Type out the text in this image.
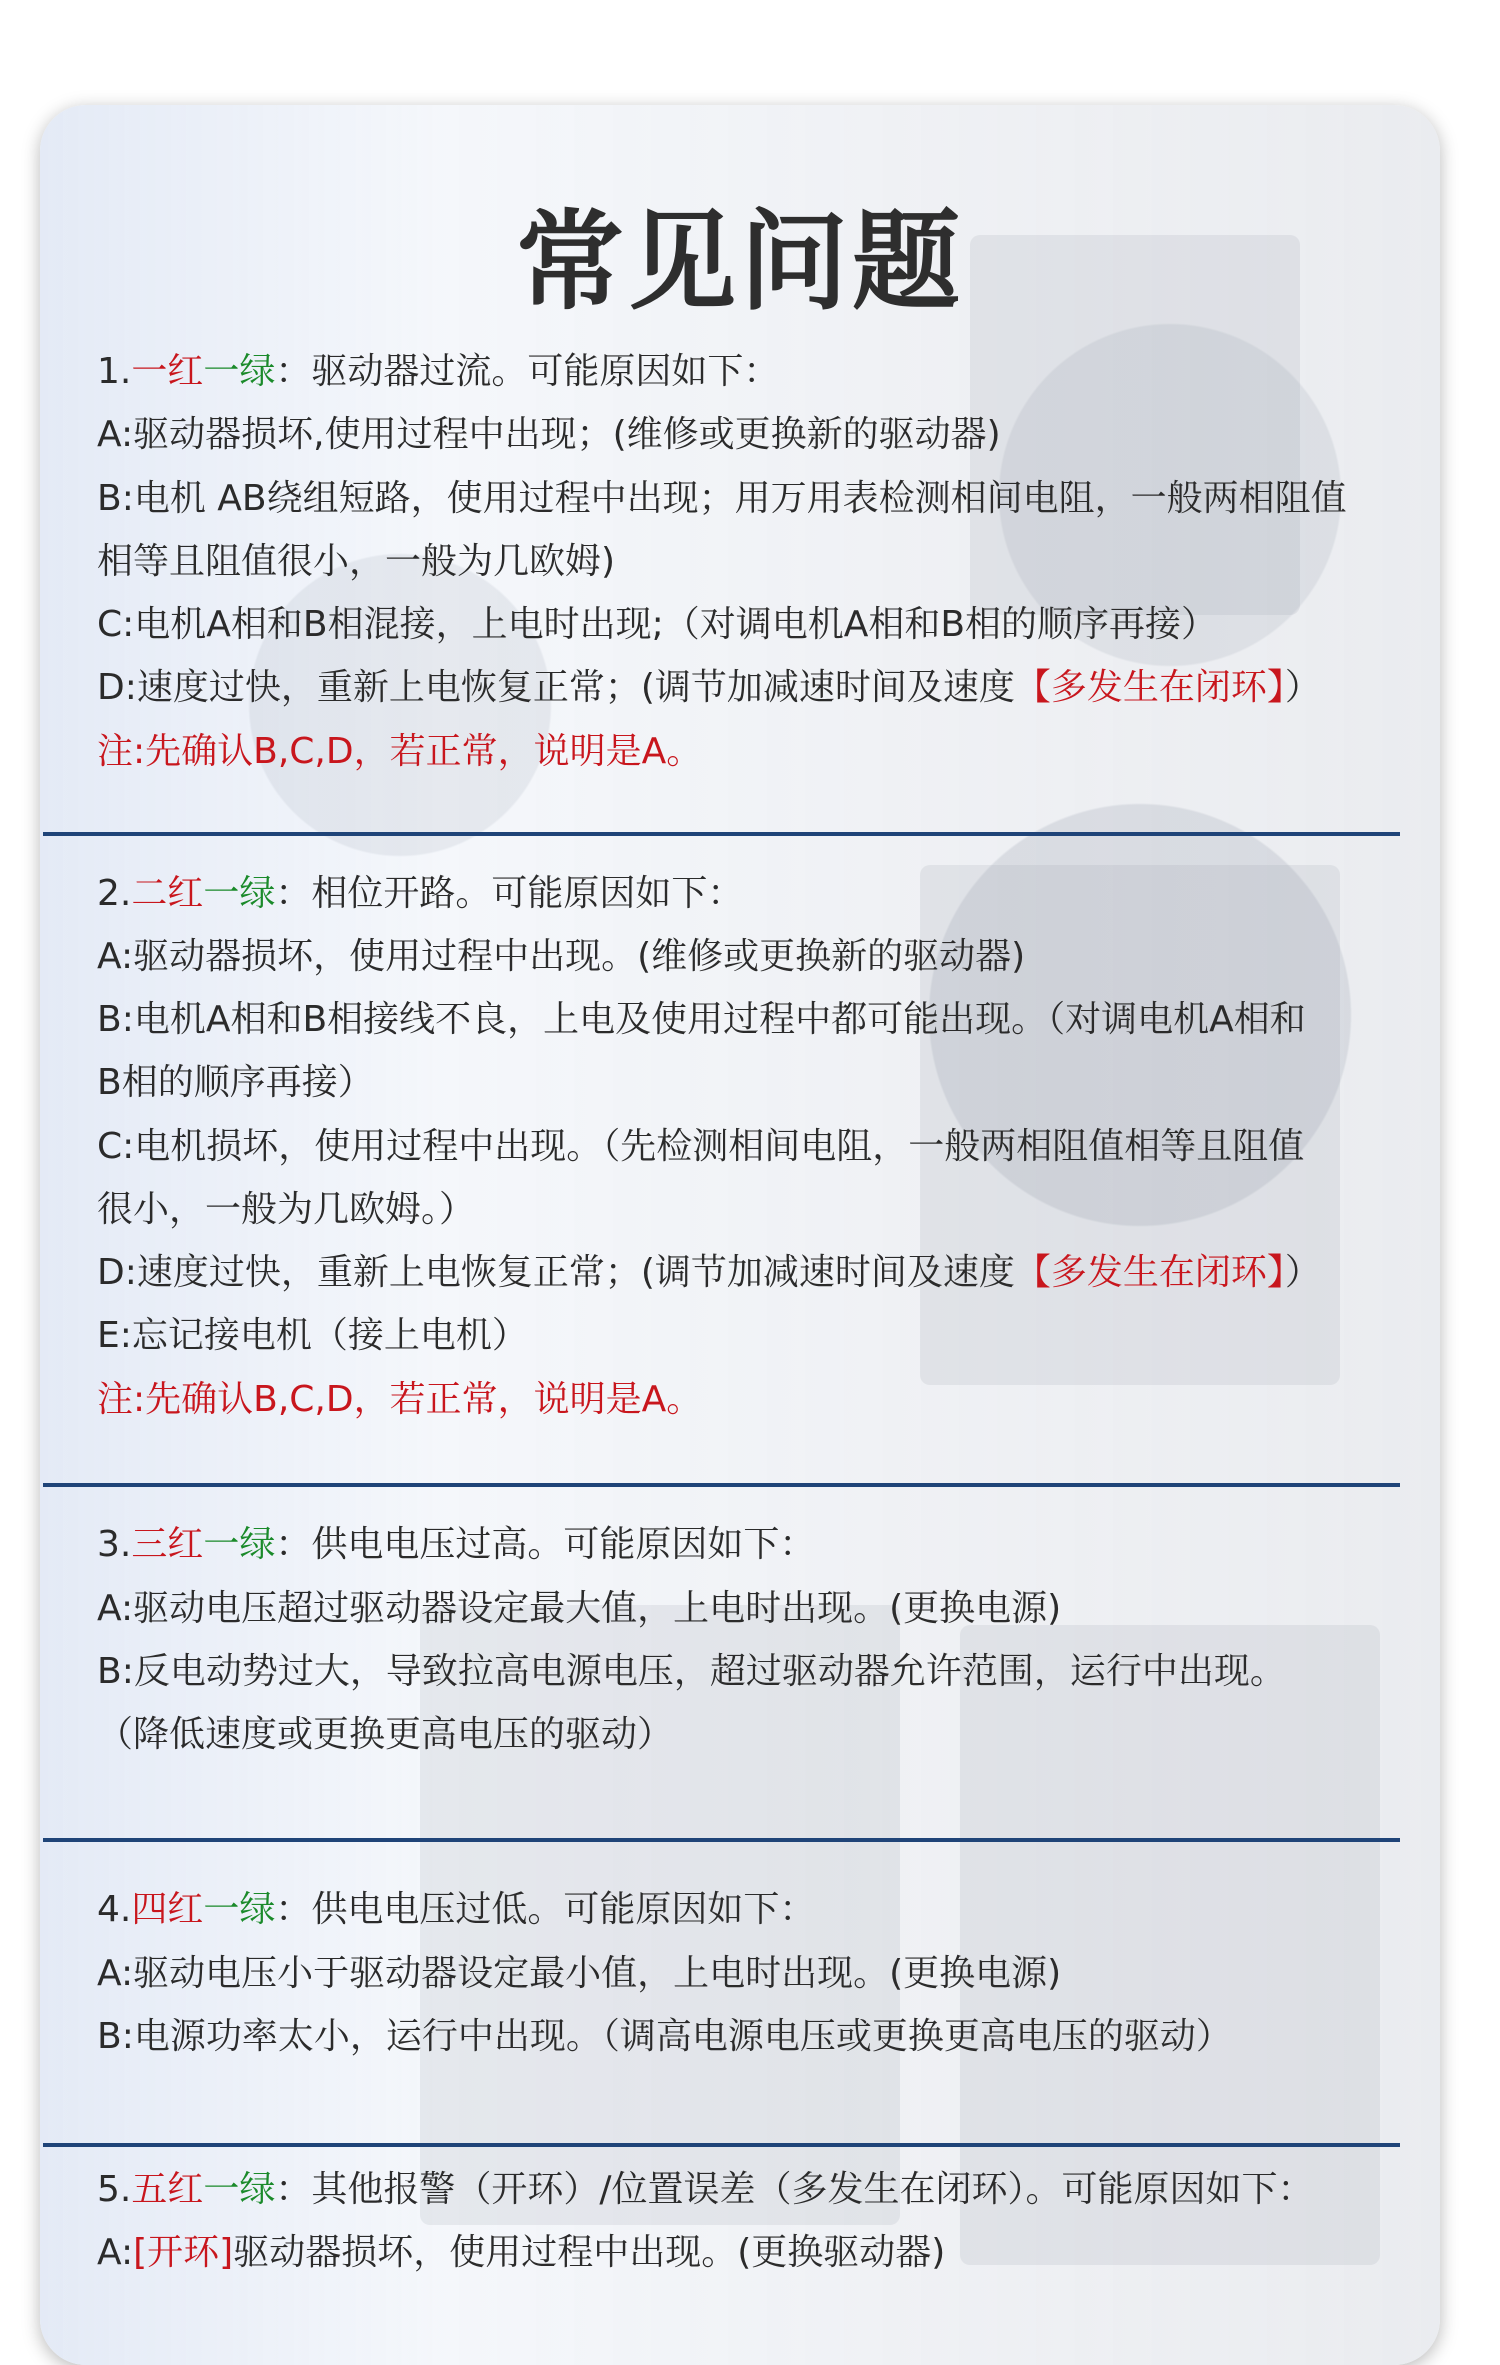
常见问题
1.一红一绿：驱动器过流。可能原因如下：
A:驱动器损坏,使用过程中出现；(维修或更换新的驱动器)
B:电机 AB绕组短路，使用过程中出现；用万用表检测相间电阻，一般两相阻值
相等且阻值很小，一般为几欧姆)
C:电机A相和B相混接，上电时出现;（对调电机A相和B相的顺序再接）
D:速度过快，重新上电恢复正常；(调节加减速时间及速度【多发生在闭环】）
注:先确认B,C,D，若正常，说明是A。
2.二红一绿：相位开路。可能原因如下：
A:驱动器损坏，使用过程中出现。(维修或更换新的驱动器)
B:电机A相和B相接线不良，上电及使用过程中都可能出现。（对调电机A相和
B相的顺序再接）
C:电机损坏，使用过程中出现。（先检测相间电阻，一般两相阻值相等且阻值
很小，一般为几欧姆。）
D:速度过快，重新上电恢复正常；(调节加减速时间及速度【多发生在闭环】）
E:忘记接电机（接上电机）
注:先确认B,C,D，若正常，说明是A。
3.三红一绿：供电电压过高。可能原因如下：
A:驱动电压超过驱动器设定最大值，上电时出现。(更换电源)
B:反电动势过大，导致拉高电源电压，超过驱动器允许范围，运行中出现。
（降低速度或更换更高电压的驱动）
4.四红一绿：供电电压过低。可能原因如下：
A:驱动电压小于驱动器设定最小值，上电时出现。(更换电源)
B:电源功率太小，运行中出现。（调高电源电压或更换更高电压的驱动）
5.五红一绿：其他报警（开环）/位置误差（多发生在闭环）。可能原因如下：
A:[开环]驱动器损坏，使用过程中出现。(更换驱动器)
